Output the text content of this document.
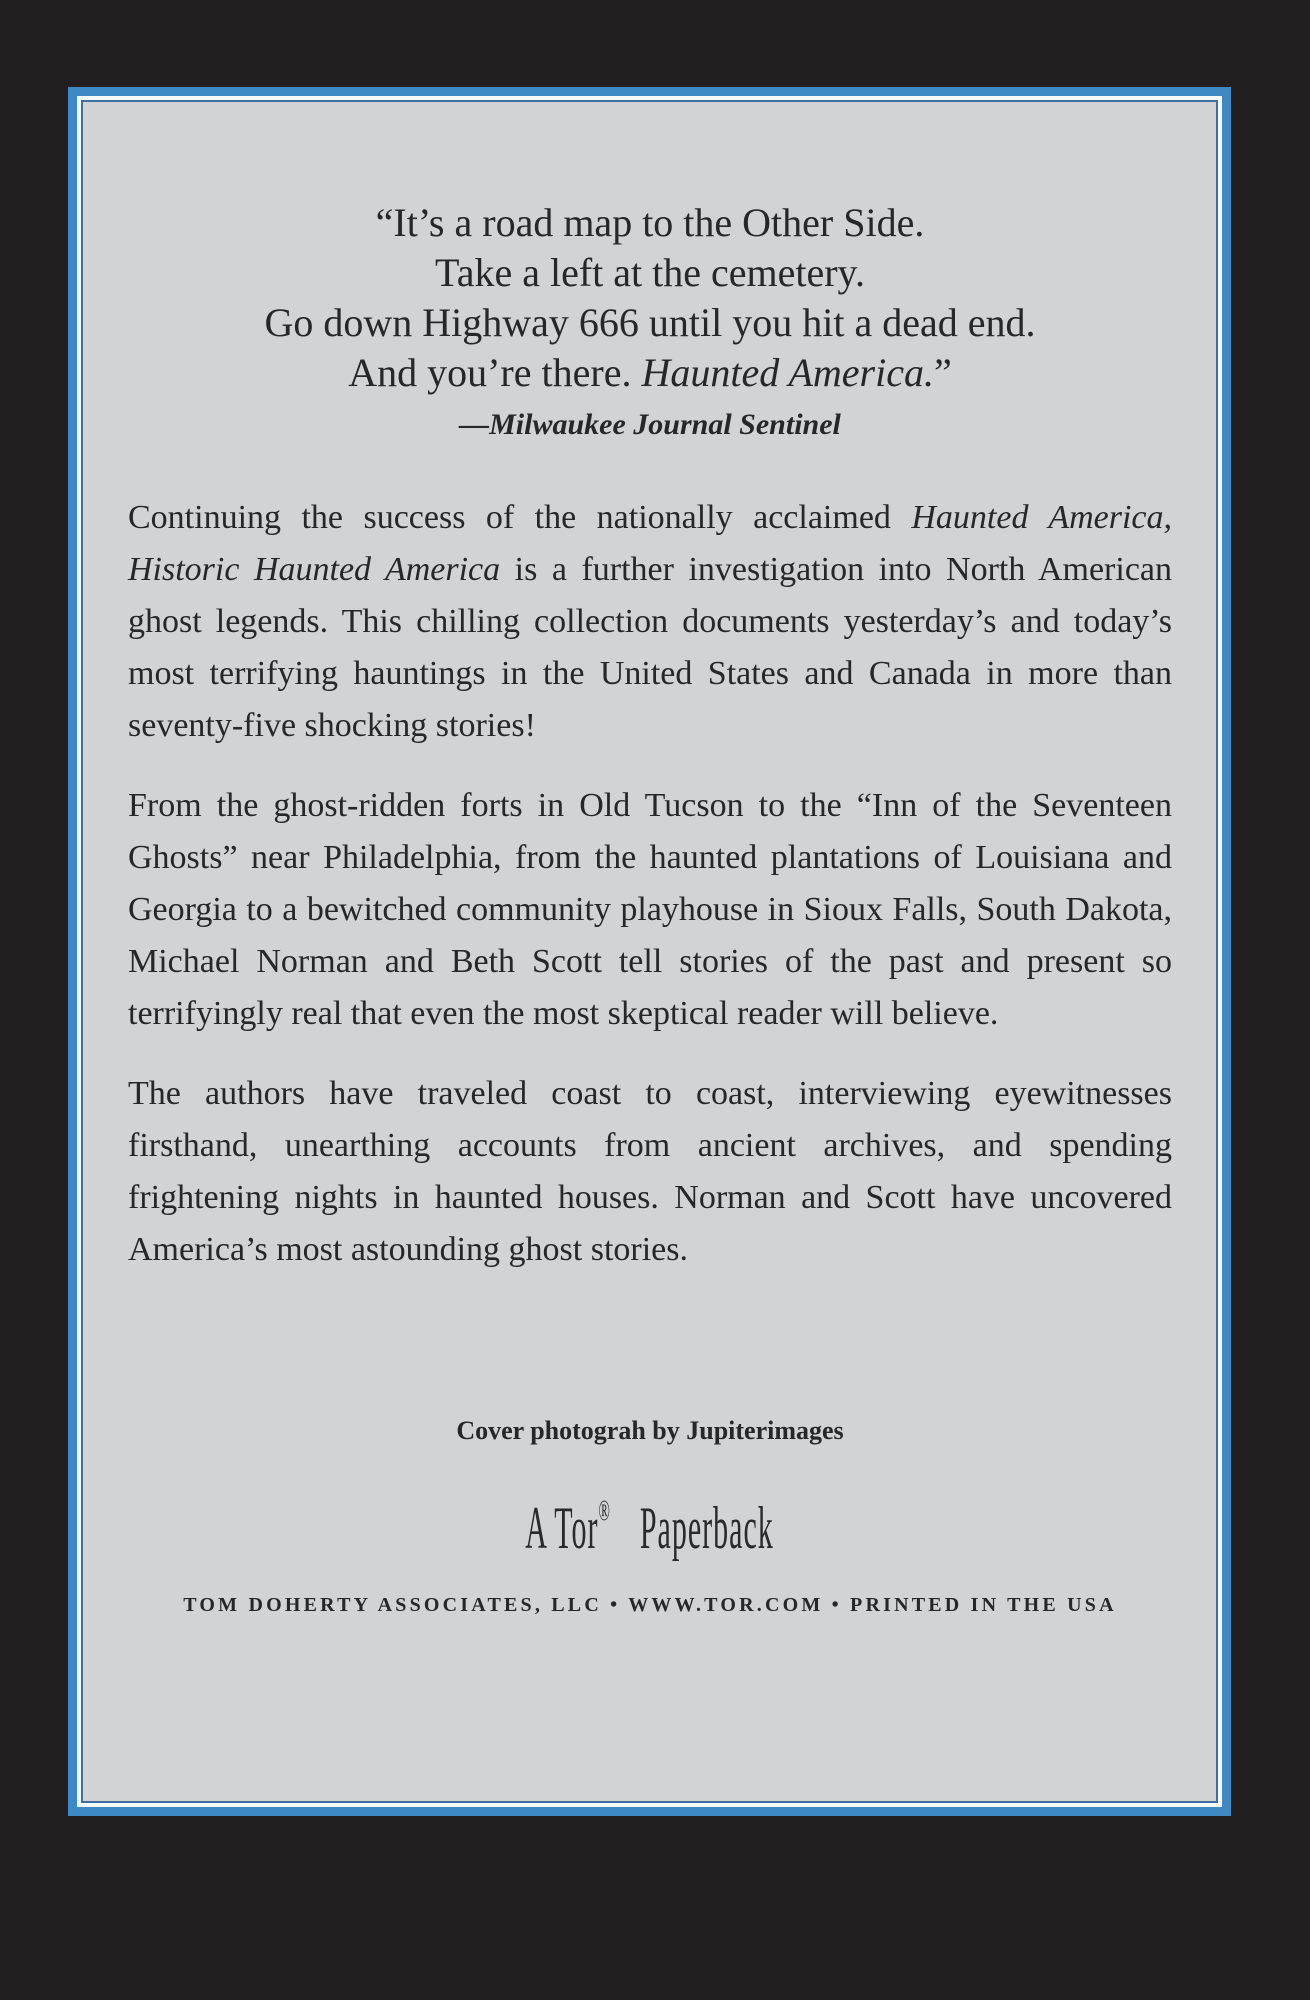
“It’s a road map to the Other Side.
Take a left at the cemetery.
Go down Highway 666 until you hit a dead end.
And you’re there. Haunted America.”
—Milwaukee Journal Sentinel

Continuing the success of the nationally acclaimed Haunted America, Historic Haunted America is a further investigation into North American ghost legends. This chilling collection documents yesterday’s and today’s most terrifying hauntings in the United States and Canada in more than seventy-five shocking stories!

From the ghost-ridden forts in Old Tucson to the “Inn of the Seventeen Ghosts” near Philadelphia, from the haunted plantations of Louisiana and Georgia to a bewitched community playhouse in Sioux Falls, South Dakota, Michael Norman and Beth Scott tell stories of the past and present so terrifyingly real that even the most skeptical reader will believe.

The authors have traveled coast to coast, interviewing eyewitnesses firsthand, unearthing accounts from ancient archives, and spending frightening nights in haunted houses. Norman and Scott have uncovered America’s most astounding ghost stories.

Cover photograh by Jupiterimages
A Tor® Paperback
TOM DOHERTY ASSOCIATES, LLC • WWW.TOR.COM • PRINTED IN THE USA
